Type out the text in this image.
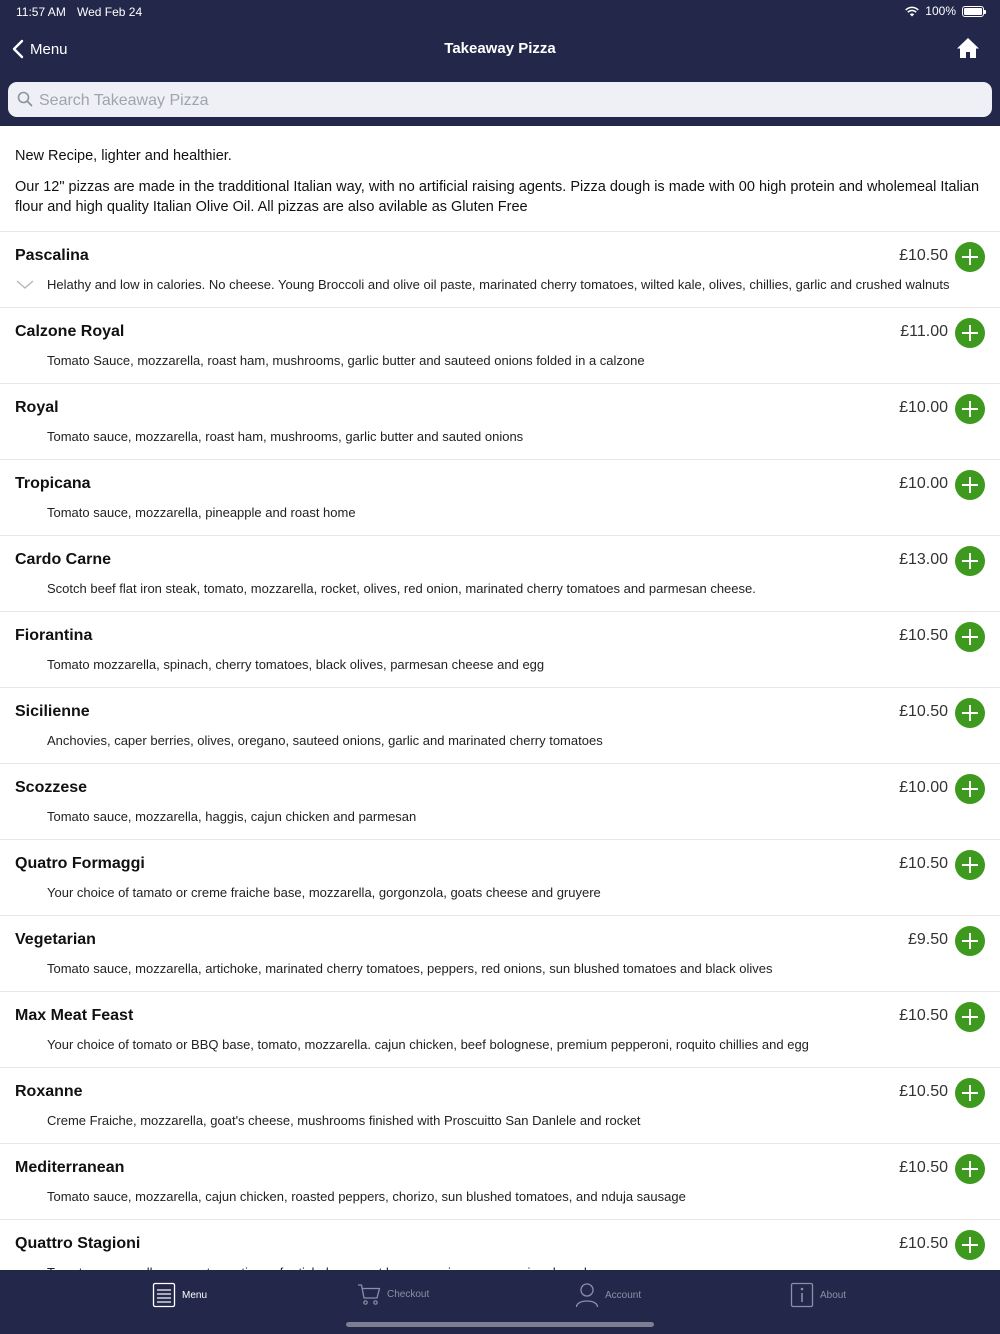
11:57 AM Wed Feb 24	100%
Menu	Takeaway Pizza
Search Takeaway Pizza

New Recipe, lighter and healthier.

Our 12" pizzas are made in the tradditional Italian way, with no artificial raising agents. Pizza dough is made with 00 high protein and wholemeal Italian flour and high quality Italian Olive Oil. All pizzas are also avilable as Gluten Free

Pascalina	£10.50
Helathy and low in calories. No cheese. Young Broccoli and olive oil paste, marinated cherry tomatoes, wilted kale, olives, chillies, garlic and crushed walnuts
Calzone Royal	£11.00
Tomato Sauce, mozzarella, roast ham, mushrooms, garlic butter and sauteed onions folded in a calzone
Royal	£10.00
Tomato sauce, mozzarella, roast ham, mushrooms, garlic butter and sauted onions
Tropicana	£10.00
Tomato sauce, mozzarella, pineapple and roast home
Cardo Carne	£13.00
Scotch beef flat iron steak, tomato, mozzarella, rocket, olives, red onion, marinated cherry tomatoes and parmesan cheese.
Fiorantina	£10.50
Tomato mozzarella, spinach, cherry tomatoes, black olives, parmesan cheese and egg
Sicilienne	£10.50
Anchovies, caper berries, olives, oregano, sauteed onions, garlic and marinated cherry tomatoes
Scozzese	£10.00
Tomato sauce, mozzarella, haggis, cajun chicken and parmesan
Quatro Formaggi	£10.50
Your choice of tamato or creme fraiche base, mozzarella, gorgonzola, goats cheese and gruyere
Vegetarian	£9.50
Tomato sauce, mozzarella, artichoke, marinated cherry tomatoes, peppers, red onions, sun blushed tomatoes and black olives
Max Meat Feast	£10.50
Your choice of tomato or BBQ base, tomato, mozzarella. cajun chicken, beef bolognese, premium pepperoni, roquito chillies and egg
Roxanne	£10.50
Creme Fraiche, mozzarella, goat's cheese, mushrooms finished with Proscuitto San Danlele and rocket
Mediterranean	£10.50
Tomato sauce, mozzarella, cajun chicken, roasted peppers, chorizo, sun blushed tomatoes, and nduja sausage
Quattro Stagioni	£10.50
Menu	Checkout	Account	About
